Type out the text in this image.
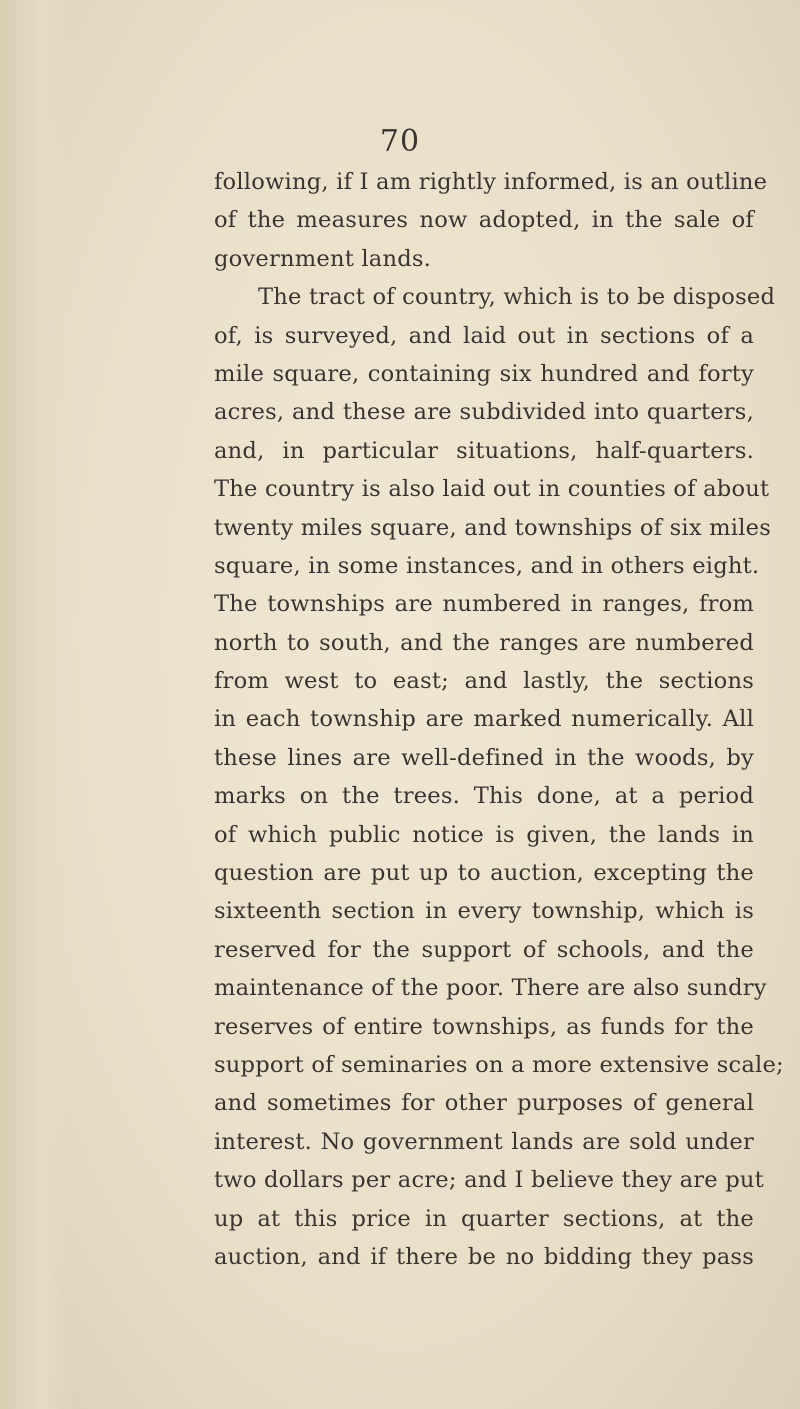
70

following, if I am rightly informed, is an outline
of the measures now adopted, in the sale of
government lands.
The tract of country, which is to be disposed
of, is surveyed, and laid out in sections of a
mile square, containing six hundred and forty
acres, and these are subdivided into quarters,
and, in particular situations, half-quarters.
The country is also laid out in counties of about
twenty miles square, and townships of six miles
square, in some instances, and in others eight.
The townships are numbered in ranges, from
north to south, and the ranges are numbered
from west to east; and lastly, the sections
in each township are marked numerically. All
these lines are well-defined in the woods, by
marks on the trees. This done, at a period
of which public notice is given, the lands in
question are put up to auction, excepting the
sixteenth section in every township, which is
reserved for the support of schools, and the
maintenance of the poor. There are also sundry
reserves of entire townships, as funds for the
support of seminaries on a more extensive scale;
and sometimes for other purposes of general
interest. No government lands are sold under
two dollars per acre; and I believe they are put
up at this price in quarter sections, at the
auction, and if there be no bidding they pass
